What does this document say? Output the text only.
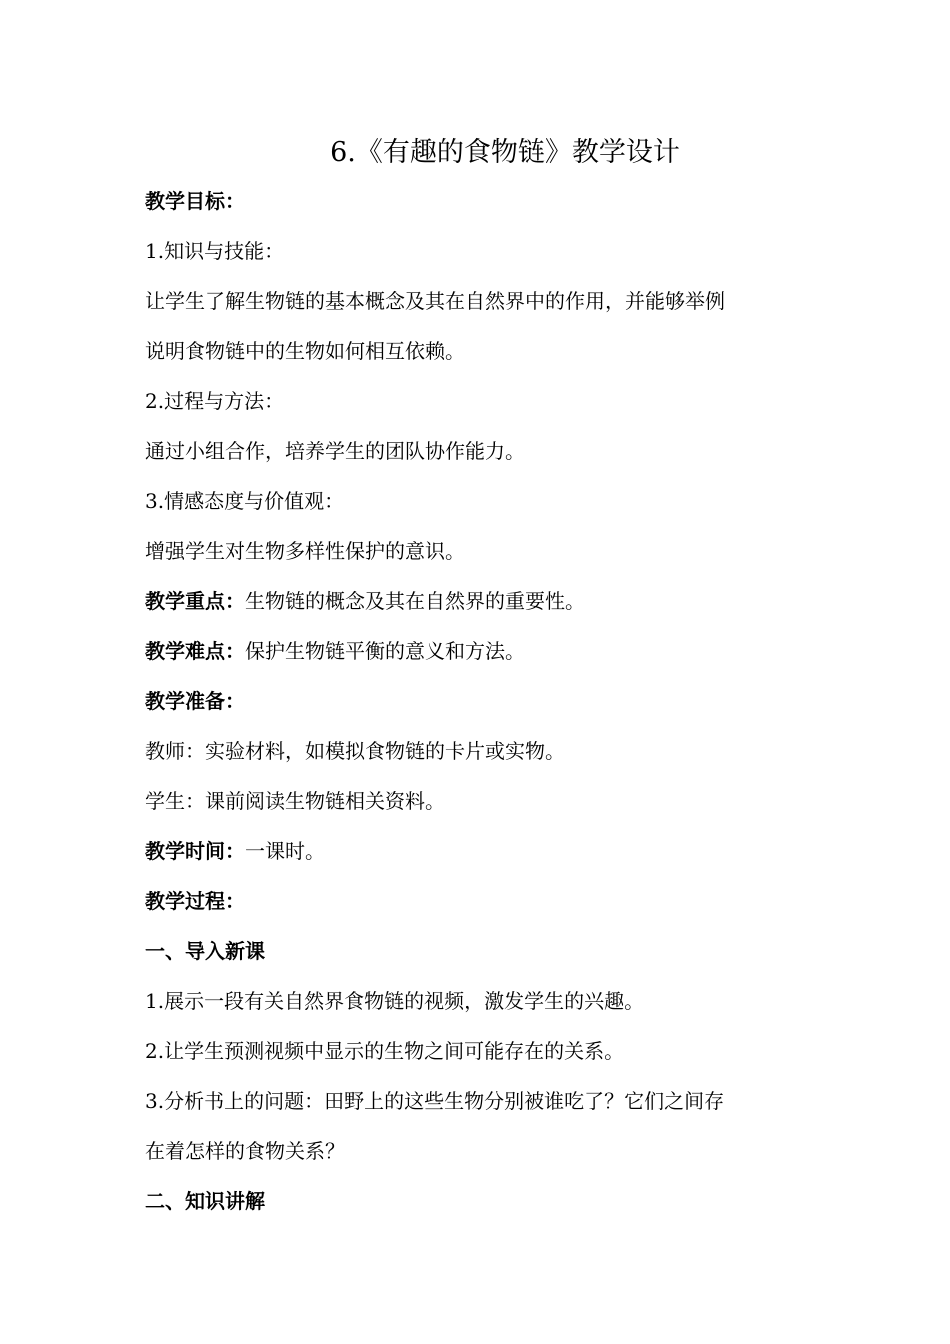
6.《有趣的食物链》教学设计
教学目标：
1.知识与技能：
让学生了解生物链的基本概念及其在自然界中的作用，并能够举例
说明食物链中的生物如何相互依赖。
2.过程与方法：
通过小组合作，培养学生的团队协作能力。
3.情感态度与价值观：
增强学生对生物多样性保护的意识。
教学重点：生物链的概念及其在自然界的重要性。
教学难点：保护生物链平衡的意义和方法。
教学准备：
教师：实验材料，如模拟食物链的卡片或实物。
学生：课前阅读生物链相关资料。
教学时间：一课时。
教学过程：
一、导入新课
1.展示一段有关自然界食物链的视频，激发学生的兴趣。
2.让学生预测视频中显示的生物之间可能存在的关系。
3.分析书上的问题：田野上的这些生物分别被谁吃了？它们之间存
在着怎样的食物关系？
二、知识讲解
